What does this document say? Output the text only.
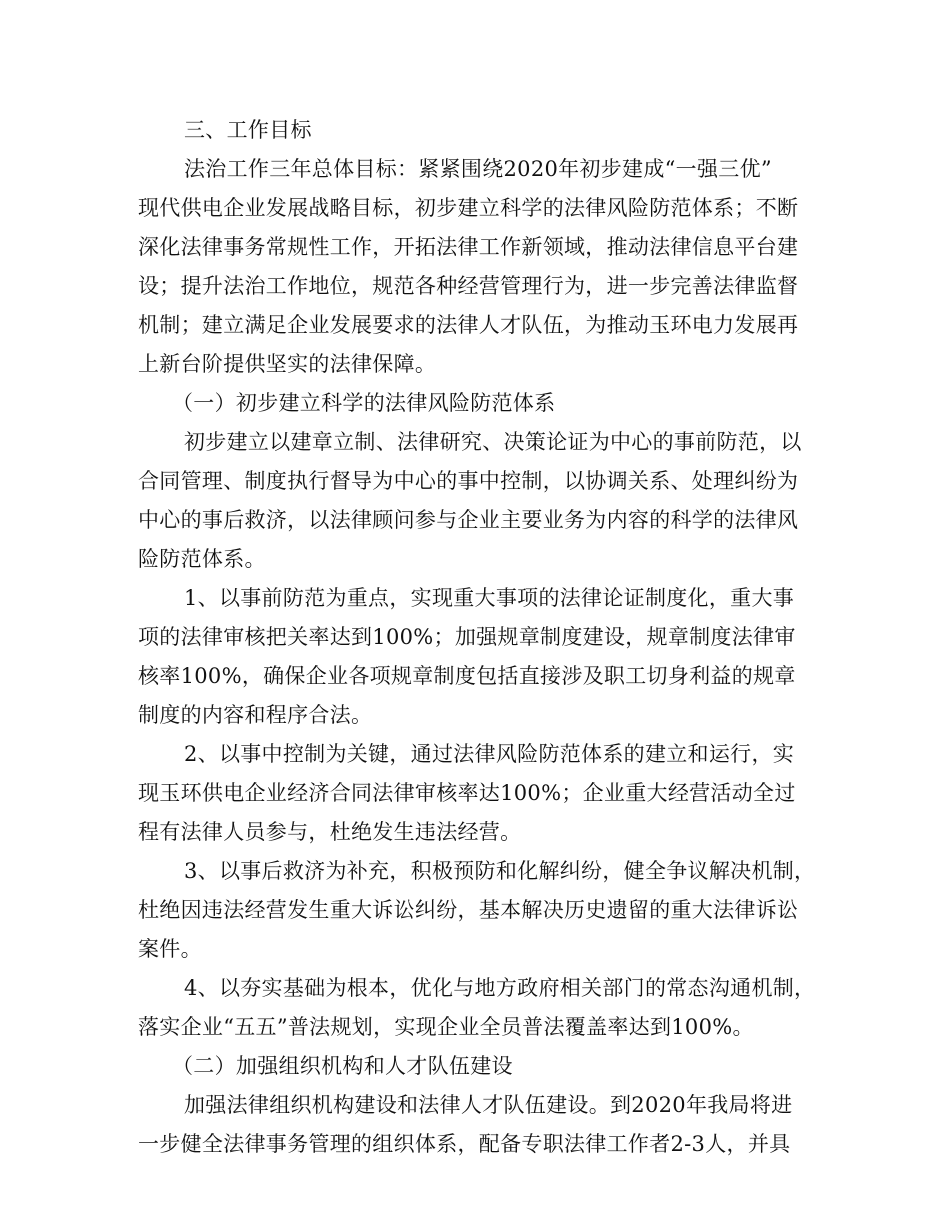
三、工作目标
法治工作三年总体目标：紧紧围绕2020年初步建成“一强三优”
现代供电企业发展战略目标，初步建立科学的法律风险防范体系；不断
深化法律事务常规性工作，开拓法律工作新领域，推动法律信息平台建
设；提升法治工作地位，规范各种经营管理行为，进一步完善法律监督
机制；建立满足企业发展要求的法律人才队伍，为推动玉环电力发展再
上新台阶提供坚实的法律保障。
（一）初步建立科学的法律风险防范体系
初步建立以建章立制、法律研究、决策论证为中心的事前防范，以
合同管理、制度执行督导为中心的事中控制，以协调关系、处理纠纷为
中心的事后救济，以法律顾问参与企业主要业务为内容的科学的法律风
险防范体系。
1、以事前防范为重点，实现重大事项的法律论证制度化，重大事
项的法律审核把关率达到100%；加强规章制度建设，规章制度法律审
核率100%，确保企业各项规章制度包括直接涉及职工切身利益的规章
制度的内容和程序合法。
2、以事中控制为关键，通过法律风险防范体系的建立和运行，实
现玉环供电企业经济合同法律审核率达100%；企业重大经营活动全过
程有法律人员参与，杜绝发生违法经营。
3、以事后救济为补充，积极预防和化解纠纷，健全争议解决机制，
杜绝因违法经营发生重大诉讼纠纷，基本解决历史遗留的重大法律诉讼
案件。
4、以夯实基础为根本，优化与地方政府相关部门的常态沟通机制，
落实企业“五五”普法规划，实现企业全员普法覆盖率达到100%。
（二）加强组织机构和人才队伍建设
加强法律组织机构建设和法律人才队伍建设。到2020年我局将进
一步健全法律事务管理的组织体系，配备专职法律工作者2-3人，并具
